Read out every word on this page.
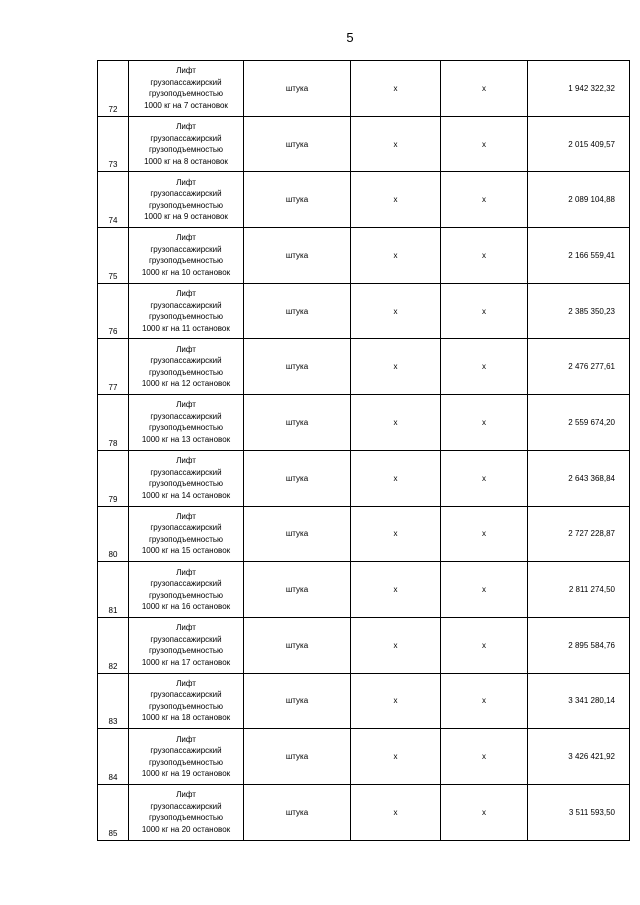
5
72	Лифт
грузопассажирский
грузоподъемностью
1000 кг на 7 остановок	штука	х	х	1 942 322,32
73	Лифт
грузопассажирский
грузоподъемностью
1000 кг на 8 остановок	штука	х	х	2 015 409,57
74	Лифт
грузопассажирский
грузоподъемностью
1000 кг на 9 остановок	штука	х	х	2 089 104,88
75	Лифт
грузопассажирский
грузоподъемностью
1000 кг на 10 остановок	штука	х	х	2 166 559,41
76	Лифт
грузопассажирский
грузоподъемностью
1000 кг на 11 остановок	штука	х	х	2 385 350,23
77	Лифт
грузопассажирский
грузоподъемностью
1000 кг на 12 остановок	штука	х	х	2 476 277,61
78	Лифт
грузопассажирский
грузоподъемностью
1000 кг на 13 остановок	штука	х	х	2 559 674,20
79	Лифт
грузопассажирский
грузоподъемностью
1000 кг на 14 остановок	штука	х	х	2 643 368,84
80	Лифт
грузопассажирский
грузоподъемностью
1000 кг на 15 остановок	штука	х	х	2 727 228,87
81	Лифт
грузопассажирский
грузоподъемностью
1000 кг на 16 остановок	штука	х	х	2 811 274,50
82	Лифт
грузопассажирский
грузоподъемностью
1000 кг на 17 остановок	штука	х	х	2 895 584,76
83	Лифт
грузопассажирский
грузоподъемностью
1000 кг на 18 остановок	штука	х	х	3 341 280,14
84	Лифт
грузопассажирский
грузоподъемностью
1000 кг на 19 остановок	штука	х	х	3 426 421,92
85	Лифт
грузопассажирский
грузоподъемностью
1000 кг на 20 остановок	штука	х	х	3 511 593,50
